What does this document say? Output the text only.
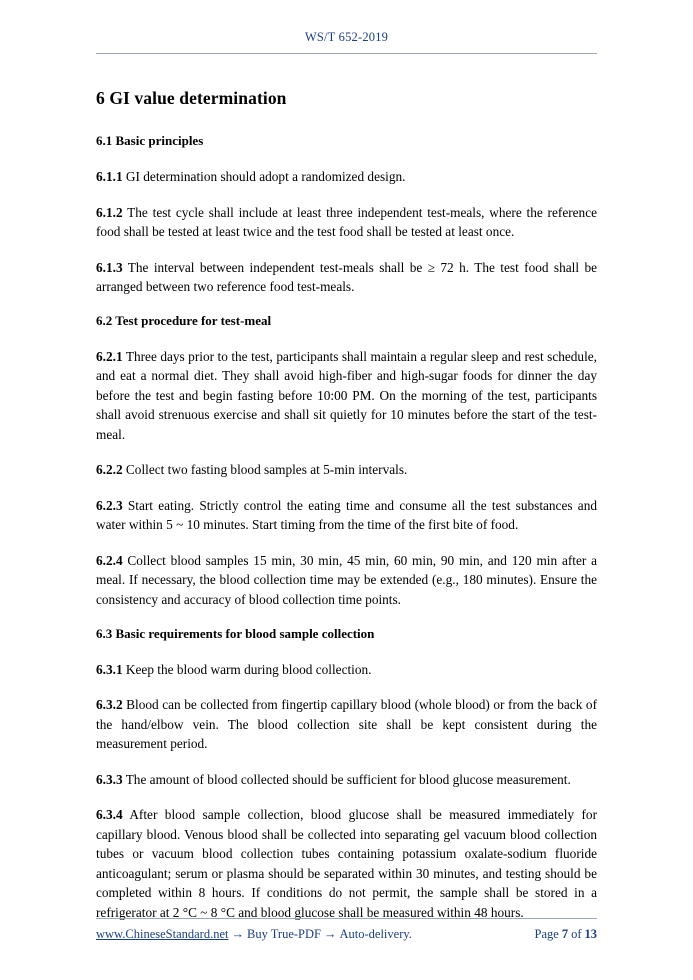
WS/T 652-2019
6 GI value determination
6.1 Basic principles

6.1.1 GI determination should adopt a randomized design.

6.1.2 The test cycle shall include at least three independent test-meals, where the reference food shall be tested at least twice and the test food shall be tested at least once.

6.1.3 The interval between independent test-meals shall be ≥ 72 h. The test food shall be arranged between two reference food test-meals.

6.2 Test procedure for test-meal

6.2.1 Three days prior to the test, participants shall maintain a regular sleep and rest schedule, and eat a normal diet. They shall avoid high-fiber and high-sugar foods for dinner the day before the test and begin fasting before 10:00 PM. On the morning of the test, participants shall avoid strenuous exercise and shall sit quietly for 10 minutes before the start of the test-meal.

6.2.2 Collect two fasting blood samples at 5-min intervals.

6.2.3 Start eating. Strictly control the eating time and consume all the test substances and water within 5 ~ 10 minutes. Start timing from the time of the first bite of food.

6.2.4 Collect blood samples 15 min, 30 min, 45 min, 60 min, 90 min, and 120 min after a meal. If necessary, the blood collection time may be extended (e.g., 180 minutes). Ensure the consistency and accuracy of blood collection time points.

6.3 Basic requirements for blood sample collection

6.3.1 Keep the blood warm during blood collection.

6.3.2 Blood can be collected from fingertip capillary blood (whole blood) or from the back of the hand/elbow vein. The blood collection site shall be kept consistent during the measurement period.

6.3.3 The amount of blood collected should be sufficient for blood glucose measurement.

6.3.4 After blood sample collection, blood glucose shall be measured immediately for capillary blood. Venous blood shall be collected into separating gel vacuum blood collection tubes or vacuum blood collection tubes containing potassium oxalate-sodium fluoride anticoagulant; serum or plasma should be separated within 30 minutes, and testing should be completed within 8 hours. If conditions do not permit, the sample shall be stored in a refrigerator at 2 °C ~ 8 °C and blood glucose shall be measured within 48 hours.

www.ChineseStandard.net → Buy True-PDF → Auto-delivery.	Page 7 of 13
